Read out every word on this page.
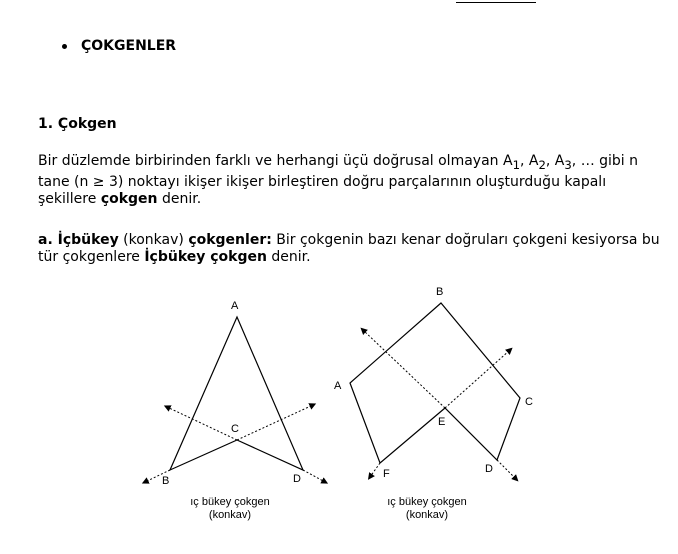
ÇOKGENLER
1. Çokgen
Bir düzlemde birbirinden farklı ve herhangi üçü doğrusal olmayan $A_1$, $A_2$, $A_3$, … gibi n tane (n ≥ 3) noktayı ikişer ikişer birleştiren doğru parçalarının oluşturduğu kapalı şekillere çokgen denir.
a. İçbükey (konkav) çokgenler: Bir çokgenin bazı kenar doğruları çokgeni kesiyorsa bu tür çokgenlere İçbükey çokgen denir.
A
B
C
D
ıç bükey çokgen
(konkav)
B
A
C
E
F	D
ıç bükey çokgen
(konkav)
